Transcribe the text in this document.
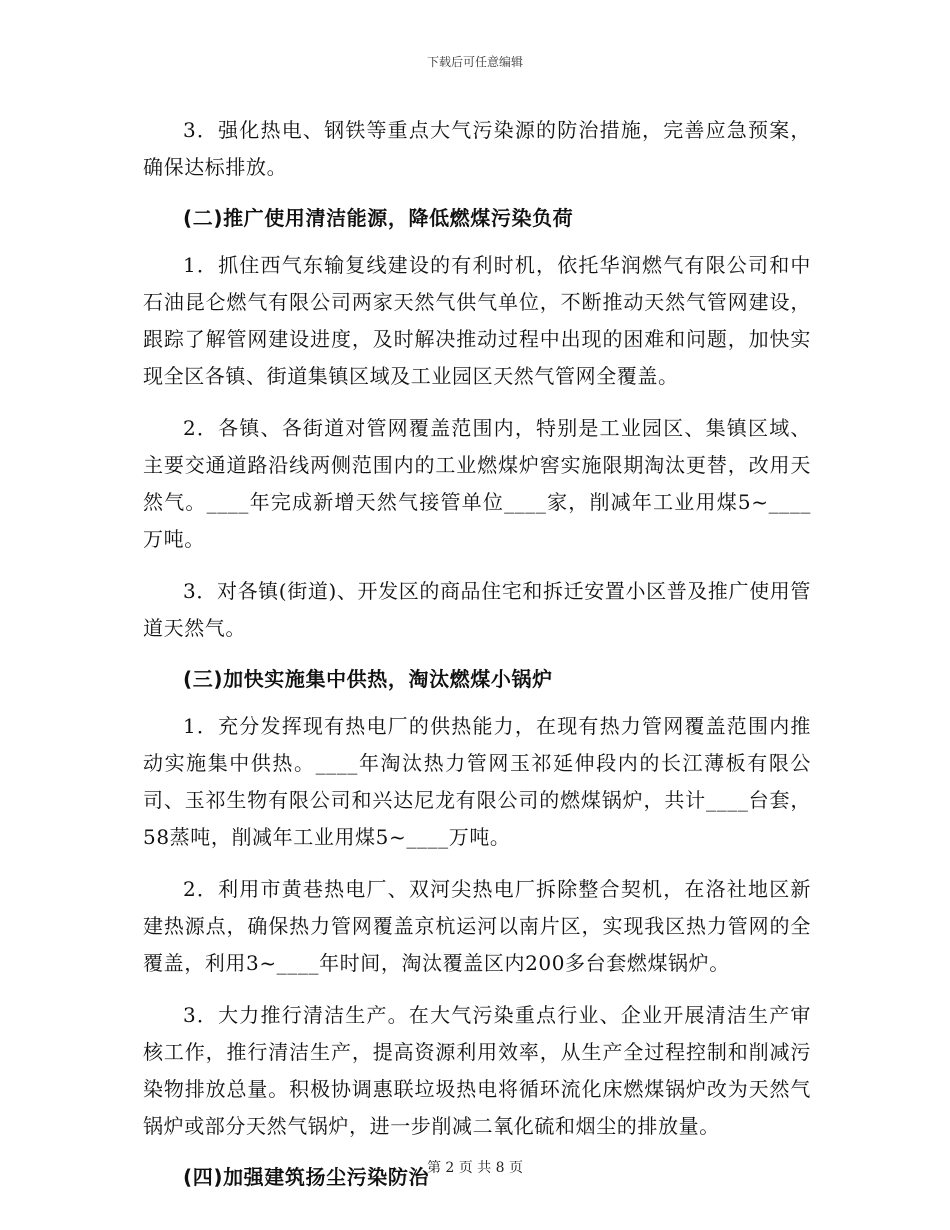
下载后可任意编辑

3．强化热电、钢铁等重点大气污染源的防治措施，完善应急预案，确保达标排放。

(二)推广使用清洁能源，降低燃煤污染负荷

1．抓住西气东输复线建设的有利时机，依托华润燃气有限公司和中石油昆仑燃气有限公司两家天然气供气单位，不断推动天然气管网建设，跟踪了解管网建设进度，及时解决推动过程中出现的困难和问题，加快实现全区各镇、街道集镇区域及工业园区天然气管网全覆盖。

2．各镇、各街道对管网覆盖范围内，特别是工业园区、集镇区域、主要交通道路沿线两侧范围内的工业燃煤炉窖实施限期淘汰更替，改用天然气。____年完成新增天然气接管单位____家，削减年工业用煤5~____万吨。

3．对各镇(街道)、开发区的商品住宅和拆迁安置小区普及推广使用管道天然气。

(三)加快实施集中供热，淘汰燃煤小锅炉

1．充分发挥现有热电厂的供热能力，在现有热力管网覆盖范围内推动实施集中供热。____年淘汰热力管网玉祁延伸段内的长江薄板有限公司、玉祁生物有限公司和兴达尼龙有限公司的燃煤锅炉，共计____台套，58蒸吨，削减年工业用煤5~____万吨。

2．利用市黄巷热电厂、双河尖热电厂拆除整合契机，在洛社地区新建热源点，确保热力管网覆盖京杭运河以南片区，实现我区热力管网的全覆盖，利用3~____年时间，淘汰覆盖区内200多台套燃煤锅炉。

3．大力推行清洁生产。在大气污染重点行业、企业开展清洁生产审核工作，推行清洁生产，提高资源利用效率，从生产全过程控制和削减污染物排放总量。积极协调惠联垃圾热电将循环流化床燃煤锅炉改为天然气锅炉或部分天然气锅炉，进一步削减二氧化硫和烟尘的排放量。

(四)加强建筑扬尘污染防治

第 2 页 共 8 页
